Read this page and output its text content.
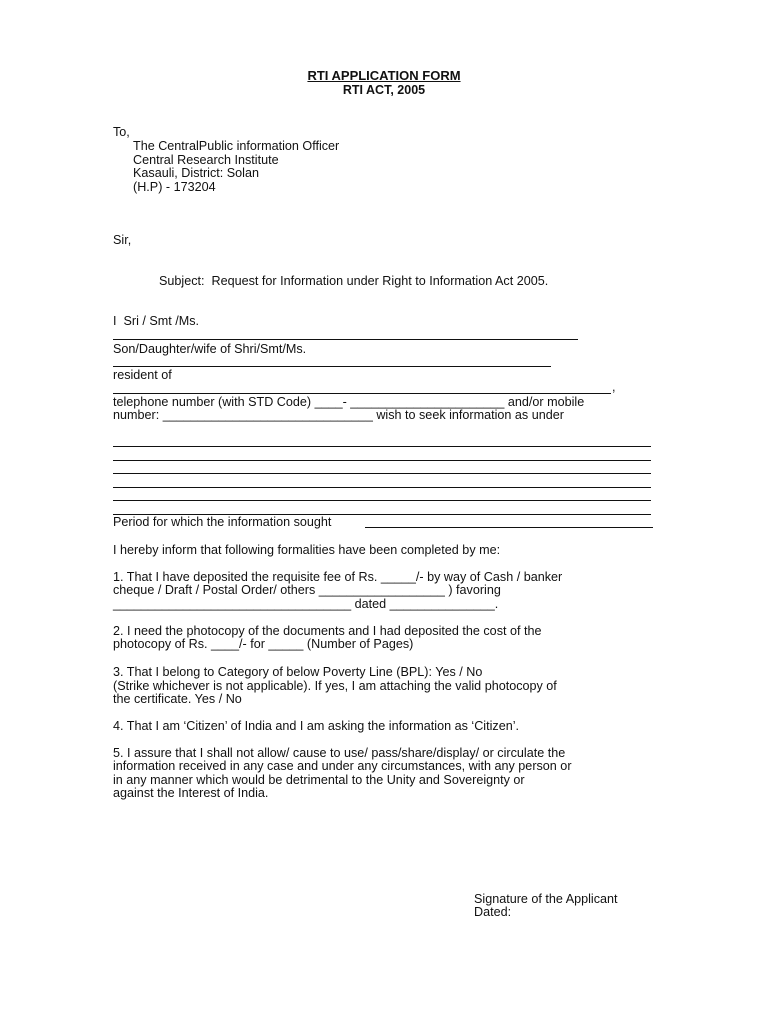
RTI APPLICATION FORM
RTI ACT, 2005
To,
The CentralPublic information Officer
Central Research Institute
Kasauli, District: Solan
(H.P) - 173204
Sir,
Subject:  Request for Information under Right to Information Act 2005.
I  Sri / Smt /Ms.
Son/Daughter/wife of Shri/Smt/Ms.
resident of
,
telephone number (with STD Code) ____- ______________________ and/or mobile
number: ______________________________ wish to seek information as under
Period for which the information sought
I hereby inform that following formalities have been completed by me:
1. That I have deposited the requisite fee of Rs. _____/- by way of Cash / banker
cheque / Draft / Postal Order/ others __________________ ) favoring
__________________________________ dated _______________.
2. I need the photocopy of the documents and I had deposited the cost of the
photocopy of Rs. ____/- for _____ (Number of Pages)
3. That I belong to Category of below Poverty Line (BPL): Yes / No
(Strike whichever is not applicable). If yes, I am attaching the valid photocopy of
the certificate. Yes / No
4. That I am ‘Citizen’ of India and I am asking the information as ‘Citizen’.
5. I assure that I shall not allow/ cause to use/ pass/share/display/ or circulate the
information received in any case and under any circumstances, with any person or
in any manner which would be detrimental to the Unity and Sovereignty or
against the Interest of India.
Signature of the Applicant
Dated:
